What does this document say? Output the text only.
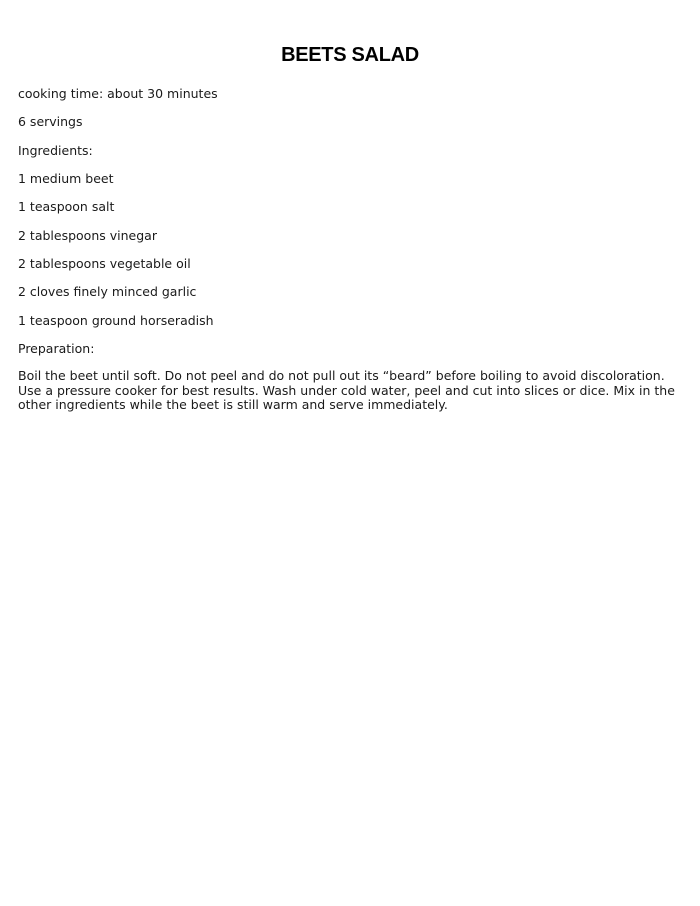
BEETS SALAD
cooking time: about 30 minutes
6 servings
Ingredients:
1 medium beet
1 teaspoon salt
2 tablespoons vinegar
2 tablespoons vegetable oil
2 cloves finely minced garlic
1 teaspoon ground horseradish
Preparation:
Boil the beet until soft. Do not peel and do not pull out its “beard” before boiling to avoid discoloration. Use a pressure cooker for best results. Wash under cold water, peel and cut into slices or dice. Mix in the other ingredients while the beet is still warm and serve immediately.
